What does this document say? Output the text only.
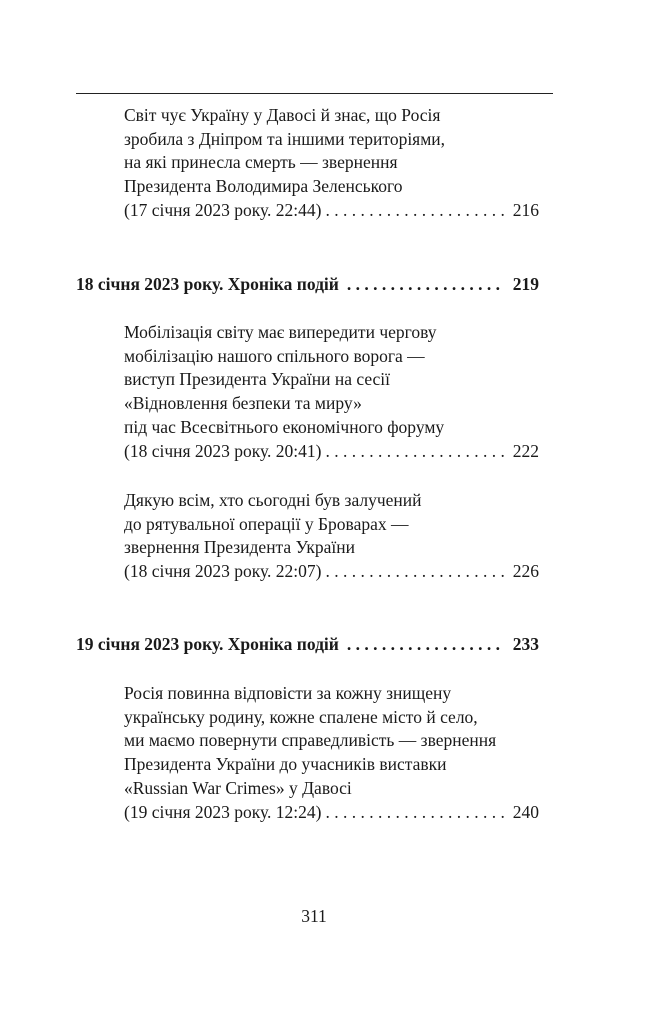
Світ чує Україну у Давосі й знає, що Росія
зробила з Дніпром та іншими територіями,
на які принесла смерть — звернення
Президента Володимира Зеленського
(17 січня 2023 року. 22:44) . . .	216
18 січня 2023 року. Хроніка подій . . .	219
Мобілізація світу має випередити чергову
мобілізацію нашого спільного ворога —
виступ Президента України на сесії
«Відновлення безпеки та миру»
під час Всесвітнього економічного форуму
(18 січня 2023 року. 20:41) . . .	222
Дякую всім, хто сьогодні був залучений
до рятувальної операції у Броварах —
звернення Президента України
(18 січня 2023 року. 22:07) . . .	226
19 січня 2023 року. Хроніка подій . . .	233
Росія повинна відповісти за кожну знищену
українську родину, кожне спалене місто й село,
ми маємо повернути справедливість — звернення
Президента України до учасників виставки
«Russian War Crimes» у Давосі
(19 січня 2023 року. 12:24) . . .	240
311
